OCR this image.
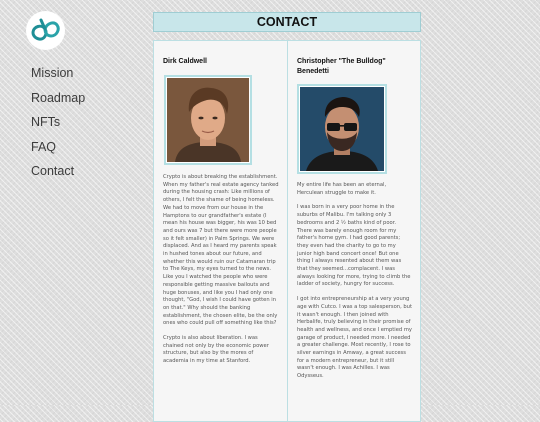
Mission
Roadmap
NFTs
FAQ
Contact
CONTACT
Dirk Caldwell

Crypto is about breaking the establishment. When my father's real estate agency tanked during the housing crash: Like millions of others, I felt the shame of being homeless. We had to move from our house in the Hamptons to our grandfather's estate (I mean his house was bigger, his was 10 bed and ours was 7 but there were more people so it felt smaller) in Palm Springs. We were displaced. And as I heard my parents speak in hushed tones about our future, and whether this would ruin our Catamaran trip to The Keys, my eyes turned to the news. Like you I watched the people who were responsible getting massive bailouts and huge bonuses, and like you I had only one thought, "God, I wish I could have gotten in on that." Why should the banking establishment, the chosen elite, be the only ones who could pull off something like this?

Crypto is also about liberation. I was chained not only by the economic power structure, but also by the mores of academia in my time at Stanford.

Christopher "The Bulldog" Benedetti

My entire life has been an eternal, Herculean struggle to make it.

I was born in a very poor home in the suburbs of Malibu. I'm talking only 3 bedrooms and 2 ½ baths kind of poor. There was barely enough room for my father's home gym. I had good parents; they even had the charity to go to my junior high band concert once! But one thing I always resented about them was that they seemed...complacent. I was always looking for more, trying to climb the ladder of society, hungry for success.

I got into entrepreneurship at a very young age with Cutco. I was a top salesperson, but it wasn't enough. I then joined with Herbalife, truly believing in their promise of health and wellness, and once I emptied my garage of product, I needed more. I needed a greater challenge. Most recently, I rose to silver earnings in Amway, a great success for a modern entrepreneur, but it still wasn't enough. I was Achilles. I was Odysseus.
